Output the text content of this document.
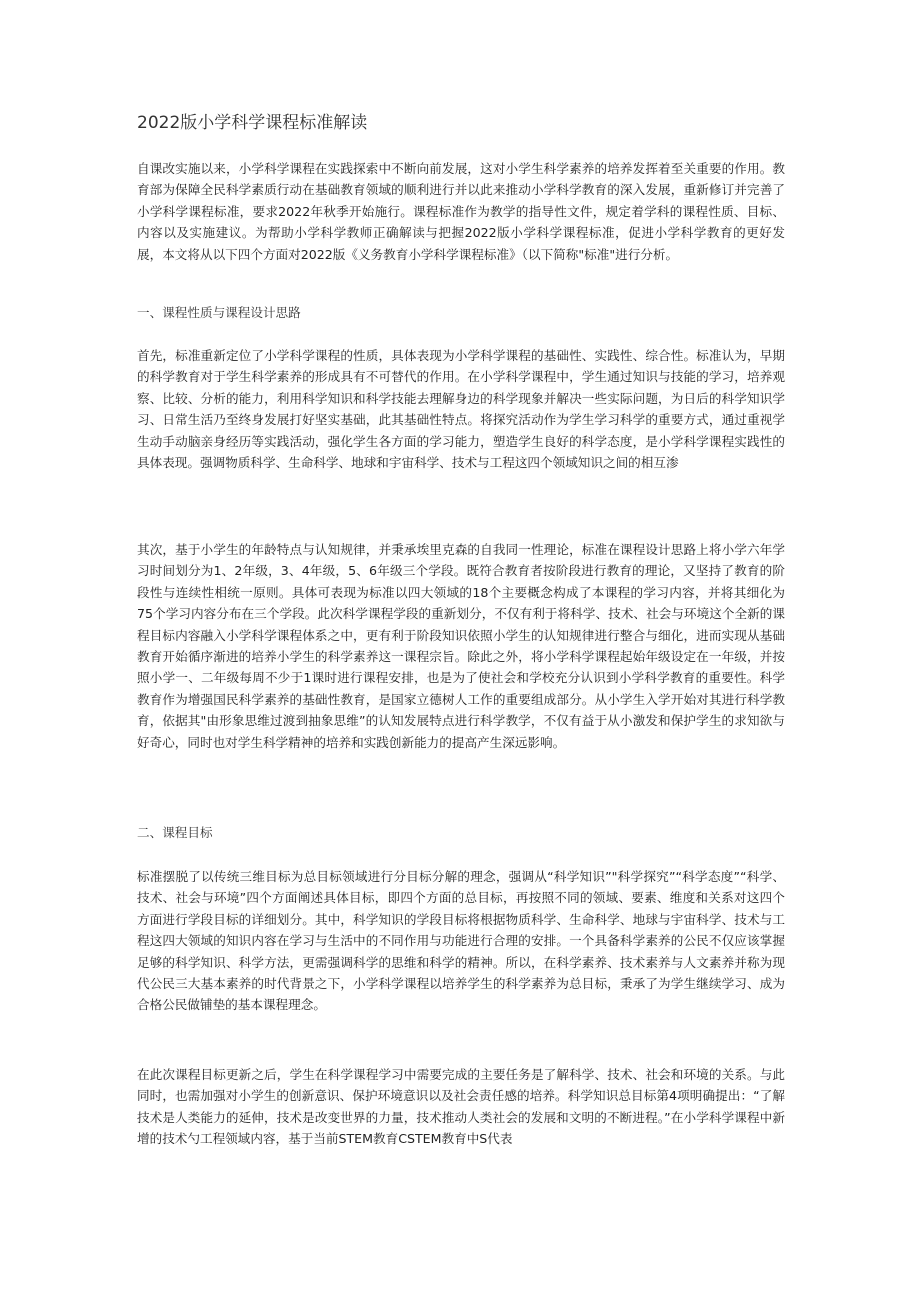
2022版小学科学课程标准解读

自课改实施以来，小学科学课程在实践探索中不断向前发展，这对小学生科学素养的培养发挥着至关重要的作用。教育部为保障全民科学素质行动在基础教育领域的顺利进行并以此来推动小学科学教育的深入发展，重新修订并完善了小学科学课程标准，要求2022年秋季开始施行。课程标准作为教学的指导性文件，规定着学科的课程性质、目标、内容以及实施建议。为帮助小学科学教师正确解读与把握2022版小学科学课程标准，促进小学科学教育的更好发展，本文将从以下四个方面对2022版《义务教育小学科学课程标准》（以下简称"标准"进行分析。

一、课程性质与课程设计思路

首先，标准重新定位了小学科学课程的性质，具体表现为小学科学课程的基础性、实践性、综合性。标准认为，早期的科学教育对于学生科学素养的形成具有不可替代的作用。在小学科学课程中，学生通过知识与技能的学习，培养观察、比较、分析的能力，利用科学知识和科学技能去理解身边的科学现象并解决一些实际问题，为日后的科学知识学习、日常生活乃至终身发展打好坚实基础，此其基础性特点。将探究活动作为学生学习科学的重要方式，通过重视学生动手动脑亲身经历等实践活动，强化学生各方面的学习能力，塑造学生良好的科学态度，是小学科学课程实践性的具体表现。强调物质科学、生命科学、地球和宇宙科学、技术与工程这四个领域知识之间的相互渗

其次，基于小学生的年龄特点与认知规律，并秉承埃里克森的自我同一性理论，标准在课程设计思路上将小学六年学习时间划分为1、2年级，3、4年级，5、6年级三个学段。既符合教育者按阶段进行教育的理论，又坚持了教育的阶段性与连续性相统一原则。具体可表现为标准以四大领域的18个主要概念构成了本课程的学习内容，并将其细化为75个学习内容分布在三个学段。此次科学课程学段的重新划分，不仅有利于将科学、技术、社会与环境这个全新的课程目标内容融入小学科学课程体系之中，更有利于阶段知识依照小学生的认知规律进行整合与细化，进而实现从基础教育开始循序渐进的培养小学生的科学素养这一课程宗旨。除此之外，将小学科学课程起始年级设定在一年级，并按照小学一、二年级每周不少于1课时进行课程安排，也是为了使社会和学校充分认识到小学科学教育的重要性。科学教育作为增强国民科学素养的基础性教育，是国家立德树人工作的重要组成部分。从小学生入学开始对其进行科学教育，依据其"由形象思维过渡到抽象思维”的认知发展特点进行科学教学，不仅有益于从小激发和保护学生的求知欲与好奇心，同时也对学生科学精神的培养和实践创新能力的提高产生深远影响。

二、课程目标

标准摆脱了以传统三维目标为总目标领域进行分目标分解的理念，强调从“科学知识”"科学探究”“科学态度”“科学、技术、社会与环境”四个方面阐述具体目标，即四个方面的总目标，再按照不同的领域、要素、维度和关系对这四个方面进行学段目标的详细划分。其中，科学知识的学段目标将根据物质科学、生命科学、地球与宇宙科学、技术与工程这四大领域的知识内容在学习与生活中的不同作用与功能进行合理的安排。一个具备科学素养的公民不仅应该掌握足够的科学知识、科学方法，更需强调科学的思维和科学的精神。所以，在科学素养、技术素养与人文素养并称为现代公民三大基本素养的时代背景之下，小学科学课程以培养学生的科学素养为总目标，秉承了为学生继续学习、成为合格公民做铺垫的基本课程理念。

在此次课程目标更新之后，学生在科学课程学习中需要完成的主要任务是了解科学、技术、社会和环境的关系。与此同时，也需加强对小学生的创新意识、保护环境意识以及社会责任感的培养。科学知识总目标第4项明确提出：“了解技术是人类能力的延伸，技术是改变世界的力量，技术推动人类社会的发展和文明的不断进程。”在小学科学课程中新增的技术勺工程领域内容，基于当前STEM教育CSTEM教育中S代表
